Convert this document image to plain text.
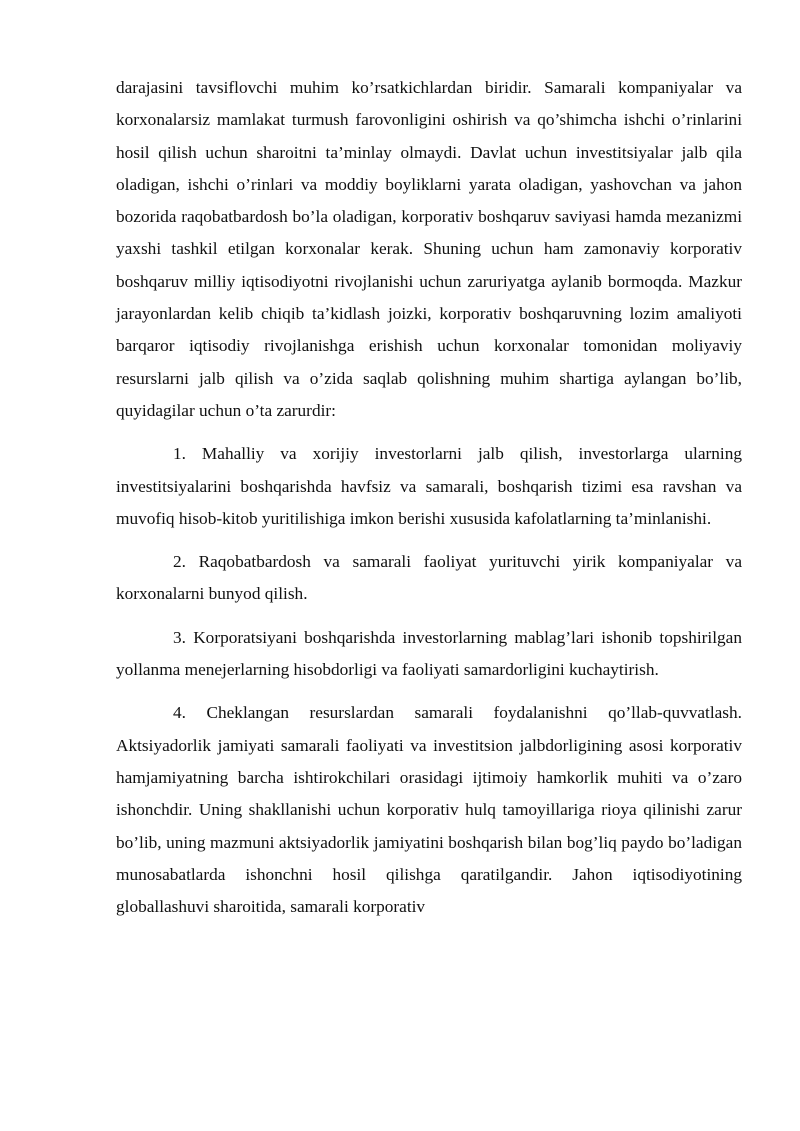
darajasini tavsiflovchi muhim ko’rsatkichlardan biridir. Samarali kompaniyalar va korxonalarsiz mamlakat turmush farovonligini oshirish va qo’shimcha ishchi o’rinlarini hosil qilish uchun sharoitni ta’minlay olmaydi. Davlat uchun investitsiyalar jalb qila oladigan, ishchi o’rinlari va moddiy boyliklarni yarata oladigan, yashovchan va jahon bozorida raqobatbardosh bo’la oladigan, korporativ boshqaruv saviyasi hamda mezanizmi yaxshi tashkil etilgan korxonalar kerak. Shuning uchun ham zamonaviy korporativ boshqaruv milliy iqtisodiyotni rivojlanishi uchun zaruriyatga aylanib bormoqda. Mazkur jarayonlardan kelib chiqib ta’kidlash joizki, korporativ boshqaruvning lozim amaliyoti barqaror iqtisodiy rivojlanishga erishish uchun korxonalar tomonidan moliyaviy resurslarni jalb qilish va o’zida saqlab qolishning muhim shartiga aylangan bo’lib, quyidagilar uchun o’ta zarurdir:

1. Mahalliy va xorijiy investorlarni jalb qilish, investorlarga ularning investitsiyalarini boshqarishda havfsiz va samarali, boshqarish tizimi esa ravshan va muvofiq hisob-kitob yuritilishiga imkon berishi xususida kafolatlarning ta’minlanishi.

2. Raqobatbardosh va samarali faoliyat yurituvchi yirik kompaniyalar va korxonalarni bunyod qilish.

3. Korporatsiyani boshqarishda investorlarning mablag’lari ishonib topshirilgan yollanma menejerlarning hisobdorligi va faoliyati samardorligini kuchaytirish.

4. Cheklangan resurslardan samarali foydalanishni qo’llab-quvvatlash. Aktsiyadorlik jamiyati samarali faoliyati va investitsion jalbdorligining asosi korporativ hamjamiyatning barcha ishtirokchilari orasidagi ijtimoiy hamkorlik muhiti va o’zaro ishonchdir. Uning shakllanishi uchun korporativ hulq tamoyillariga rioya qilinishi zarur bo’lib, uning mazmuni aktsiyadorlik jamiyatini boshqarish bilan bog’liq paydo bo’ladigan munosabatlarda ishonchni hosil qilishga qaratilgandir. Jahon iqtisodiyotining globallashuvi sharoitida, samarali korporativ
